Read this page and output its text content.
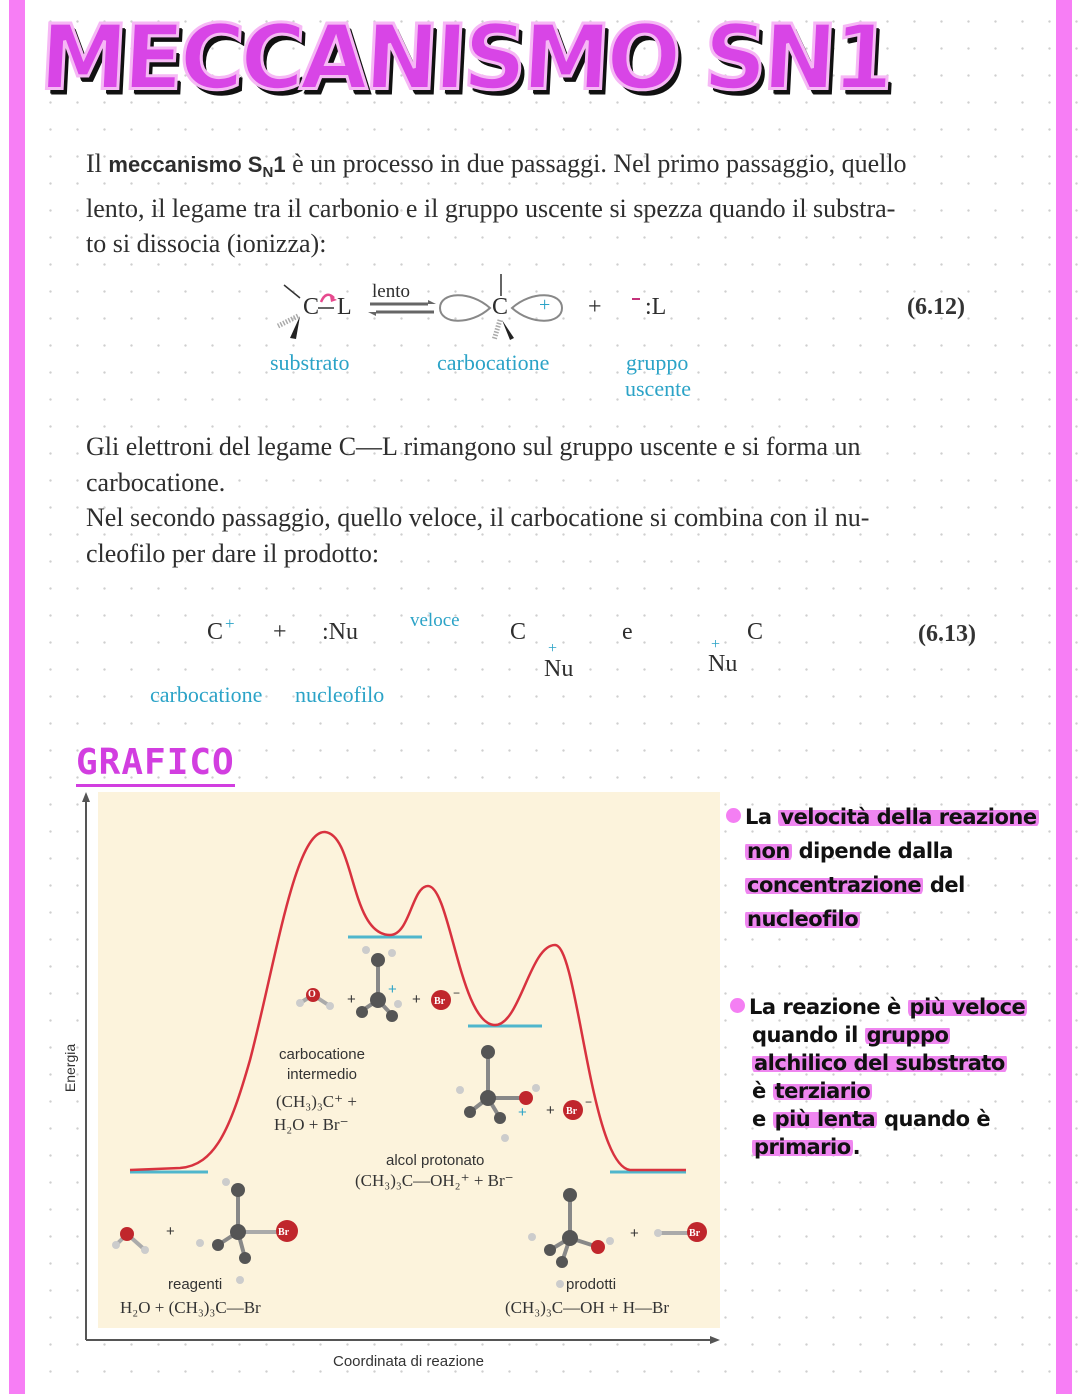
MECCANISMO SN1
Il meccanismo $S_N1$ è un processo in due passaggi. Nel primo passaggio, quello
lento, il legame tra il carbonio e il gruppo uscente si spezza quando il substra-
to si dissocia (ionizza):
C L
lento
C + + :L
substrato	carbocatione	gruppo
uscente
(6.12)
Gli elettroni del legame C—L rimangono sul gruppo uscente e si forma un
carbocatione.
Nel secondo passaggio, quello veloce, il carbocatione si combina con il nu-
cleofilo per dare il prodotto:
C + + :Nu	veloce C
+
Nu
e	C
+
Nu
(6.13)
carbocatione nucleofilo
GRAFICO
O +
+
+ Br
−
+ Br
−
+
+	Br	+	Br
carbocatione
intermedio
(CH₃)₃C⁺ +
H₂O + Br⁻
alcol protonato
(CH₃)₃C—OH₂⁺ + Br⁻
reagenti
H₂O + (CH₃)₃C—Br
prodotti
(CH₃)₃C—OH + H—Br
Energia
Coordinata di reazione
La velocità della reazione
non dipende dalla
concentrazione del
nucleofilo
La reazione è più veloce
quando il gruppo
alchilico del substrato
è terziario
e più lenta quando è
primario.
